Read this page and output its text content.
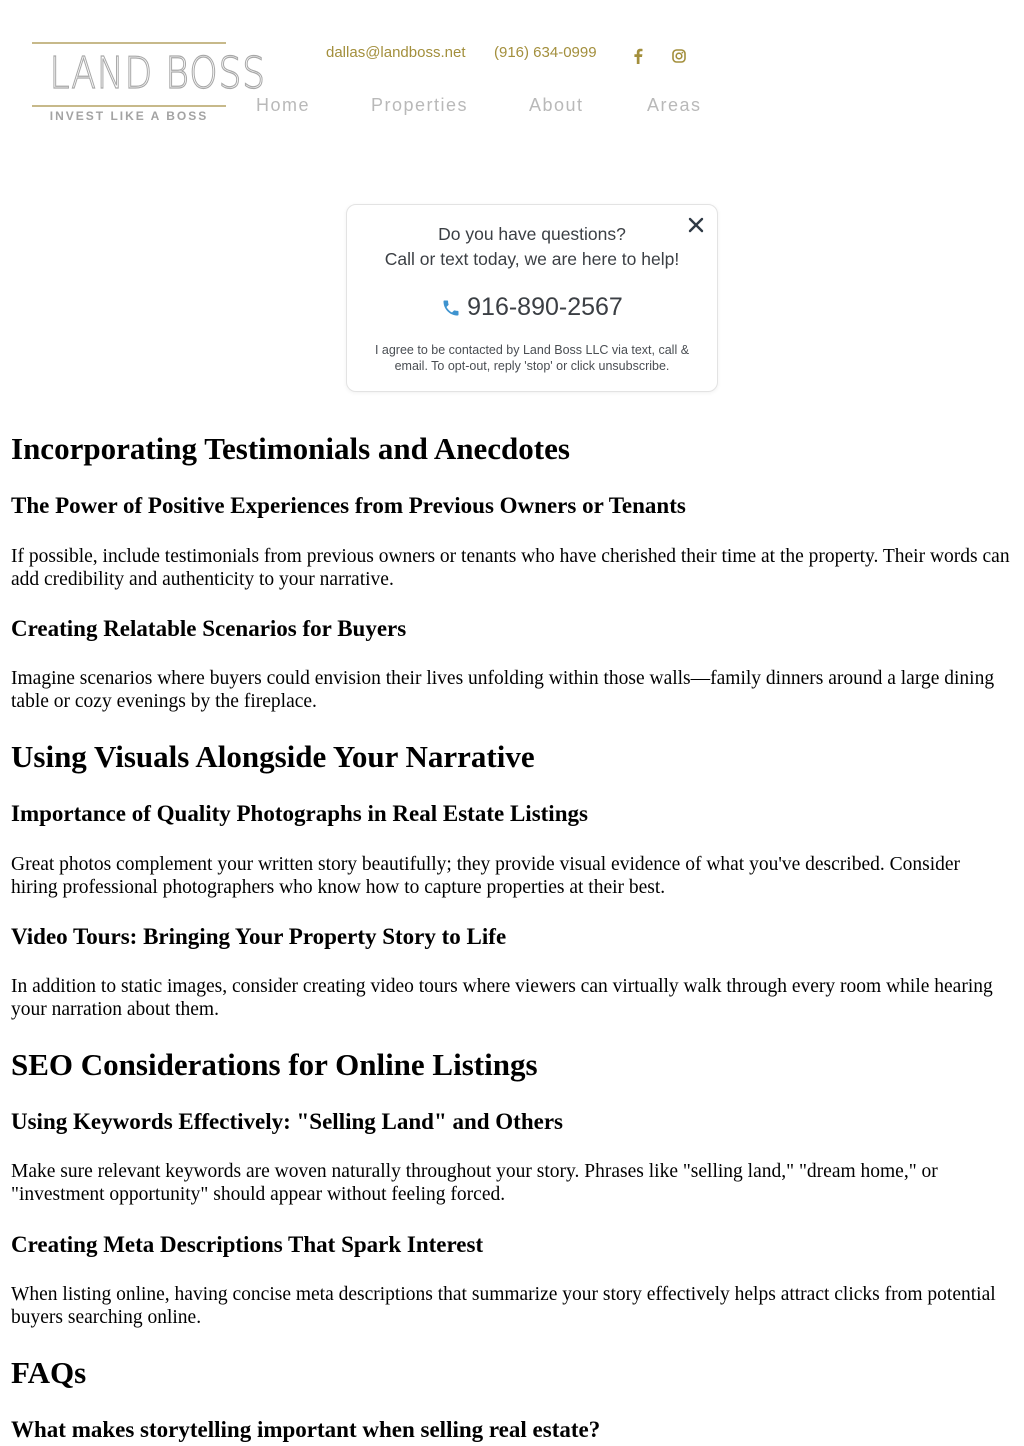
LAND BOSS
INVEST LIKE A BOSS
dallas@landboss.net (916) 634-0999
Home	Properties	About	Areas
Do you have questions?
Call or text today, we are here to help!
916-890-2567
I agree to be contacted by Land Boss LLC via text, call & email. To opt-out, reply 'stop' or click unsubscribe.
Incorporating Testimonials and Anecdotes
The Power of Positive Experiences from Previous Owners or Tenants

If possible, include testimonials from previous owners or tenants who have cherished their time at the property. Their words can add credibility and authenticity to your narrative.

Creating Relatable Scenarios for Buyers

Imagine scenarios where buyers could envision their lives unfolding within those walls—family dinners around a large dining table or cozy evenings by the fireplace.

Using Visuals Alongside Your Narrative
Importance of Quality Photographs in Real Estate Listings

Great photos complement your written story beautifully; they provide visual evidence of what you've described. Consider hiring professional photographers who know how to capture properties at their best.

Video Tours: Bringing Your Property Story to Life

In addition to static images, consider creating video tours where viewers can virtually walk through every room while hearing your narration about them.

SEO Considerations for Online Listings
Using Keywords Effectively: "Selling Land" and Others

Make sure relevant keywords are woven naturally throughout your story. Phrases like "selling land," "dream home," or "investment opportunity" should appear without feeling forced.

Creating Meta Descriptions That Spark Interest

When listing online, having concise meta descriptions that summarize your story effectively helps attract clicks from potential buyers searching online.

FAQs
What makes storytelling important when selling real estate?
